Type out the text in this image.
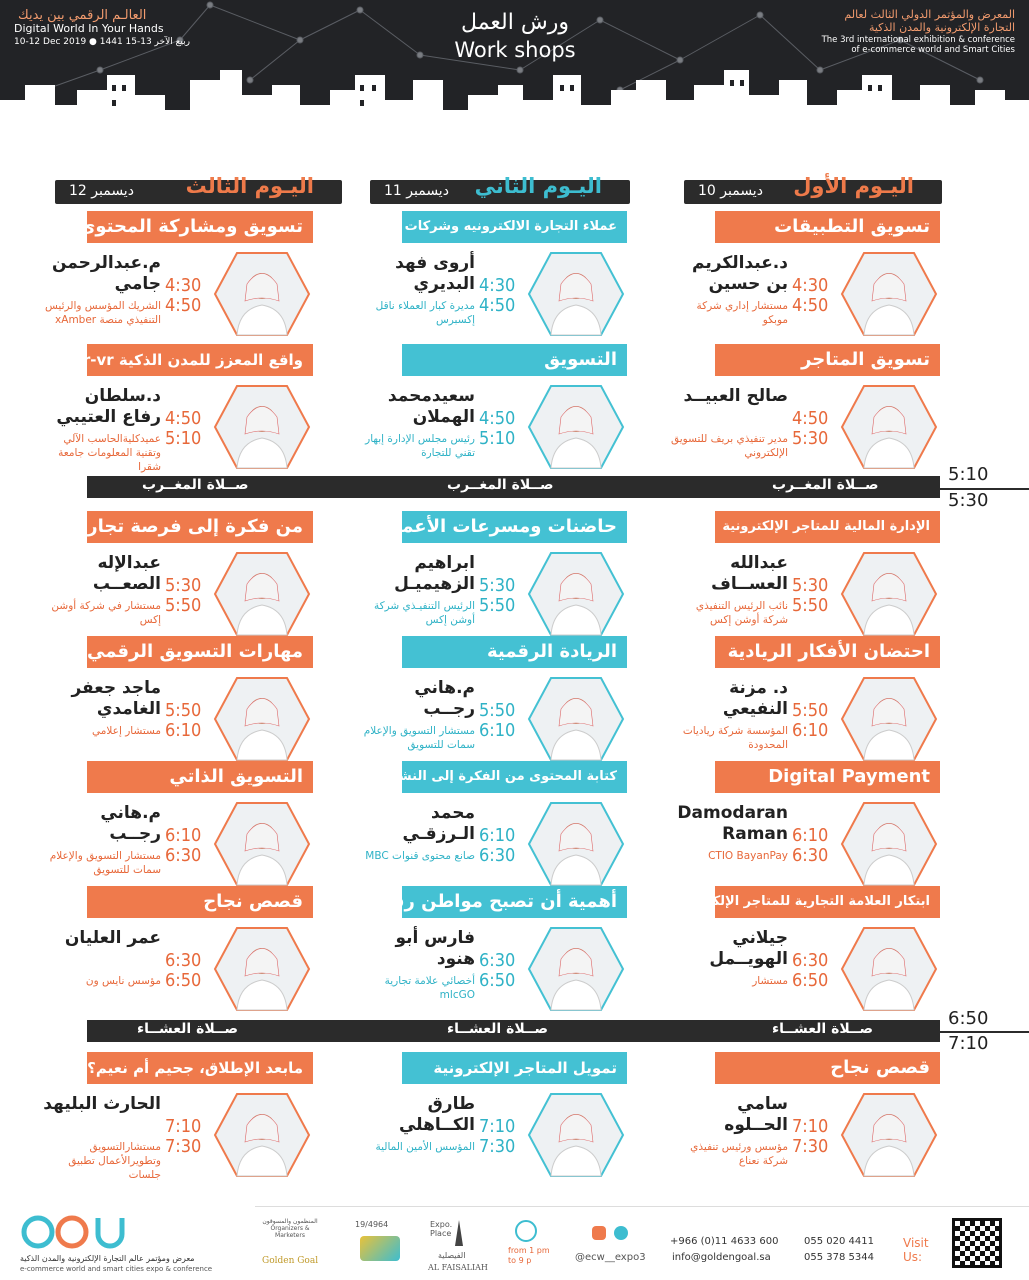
العالـم الرقمي بين يديك
Digital World In Your Hands
10-12 Dec 2019 ● 1441 15-13 ربيع الآخر
ورش العمل
Work shops
المعرض والمؤتمر الدولي الثالث لعالم
التجارة الإلكترونية والمدن الذكية
The 3rd international exhibition & conference
of e-commerce world and Smart Cities
اليـوم الثالث
ديسمبر 12	اليـوم الثاني
ديسمبر 11	اليـوم الأول
ديسمبر 10
تسويق ومشاركة المحتوى
4:30
4:50
م.عبدالرحمن جامي
الشريك المؤسس والرئيس التنفيذي منصة xAmber
واقع المعزز للمدن الذكية ar-vr
4:50
5:10
د.سلطان رفاع العتيبي
عميدكليةالحاسب الآلي وتقنية المعلومات جامعة شقرا
من فكرة إلى فرصة تجارية
5:30
5:50
عبدالإله الصعــب
مستشار في شركة أوشن إكس
مهارات التسويق الرقمي
5:50
6:10
ماجد جعفر الغامدي
مستشار إعلامي
التسويق الذاتي
6:10
6:30
م.هاني رجــب
مستشار التسويق والإعلام سمات للتسويق
قصص نجاح
6:30
6:50
عمر العليان
مؤسس نايس ون
مابعد الإطلاق، جحيم أم نعيم؟
7:10
7:30
الحارث البليهد
مستشارالتسويق وتطويرالأعمال تطبيق جلسات
عملاء التجارة الالكترونيه وشركات الشحن
4:30
4:50
أروى فهد البديري
مديرة كبار العملاء ناقل إكسبرس
التسويق
4:50
5:10
سعيدمحمد الهملان
رئيس مجلس الإدارة إبهار تقني للتجارة
حاضنات ومسرعات الأعمال
5:30
5:50
ابراهيم الزهيميـل
الرئيس التنفيـذي شركة أوشن إكس
الريادة الرقمية
5:50
6:10
م.هاني رجــب
مستشار التسويق والإعلام سمات للتسويق
كتابة المحتوى من الفكرة إلى النشر
6:10
6:30
محمد الـرزقـي
صانع محتوى قنوات MBC
أهمية أن تصبح مواطن رقمي
6:30
6:50
فارس أبو هنود
أخصائي علامة تجارية mlcGO
تمويل المتاجر الإلكترونية
7:10
7:30
طارق الكــاهلي
المؤسس الأمين المالية
تسويق التطبيقات
4:30
4:50
د.عبدالكريم بن حسين
مستشار إداري شركة موبكو
تسويق المتاجر
4:50
5:30
صالح العبيــد
مدير تنفيذي بريف للتسويق الإلكتروني
الإدارة المالية للمتاجر الإلكترونية
5:30
5:50
عبدالله العســاف
نائب الرئيس التنفيذي شركة أوشن إكس
احتضان الأفكار الريادية
5:50
6:10
د. مزنة النفيعي
المؤسسة شركة رياديات المحدودة
Digital Payment
6:10
6:30
Damodaran Raman
CTIO BayanPay
ابتكار العلامة التجارية للمتاجر الإلكترونية
6:30
6:50
جيلاني الهويــمل
مستشار
قصص نجاح
7:10
7:30
سامي الحــلوه
مؤسس ورئيس تنفيذي شركة نعناع
صــلاة المغــرب	صــلاة المغــرب	صــلاة المغــرب	5:10
5:30
صــلاة العشــاء	صــلاة العشــاء	صــلاة العشــاء	6:50
7:10
معرض ومؤتمر عالم التجارة الإلكترونية والمدن الذكية
e-commerce world and smart cities expo & conference
المنظمون والمسوقون Organizers & Marketers
Golden Goal
19/4964	Expo. Place
الفيصلية
AL FAISALIAH
from 1 pm
to 9 p	@ecw__expo3
+966 (0)11 4633 600	055 020 4411
info@goldengoal.sa	055 378 5344
Visit Us:
